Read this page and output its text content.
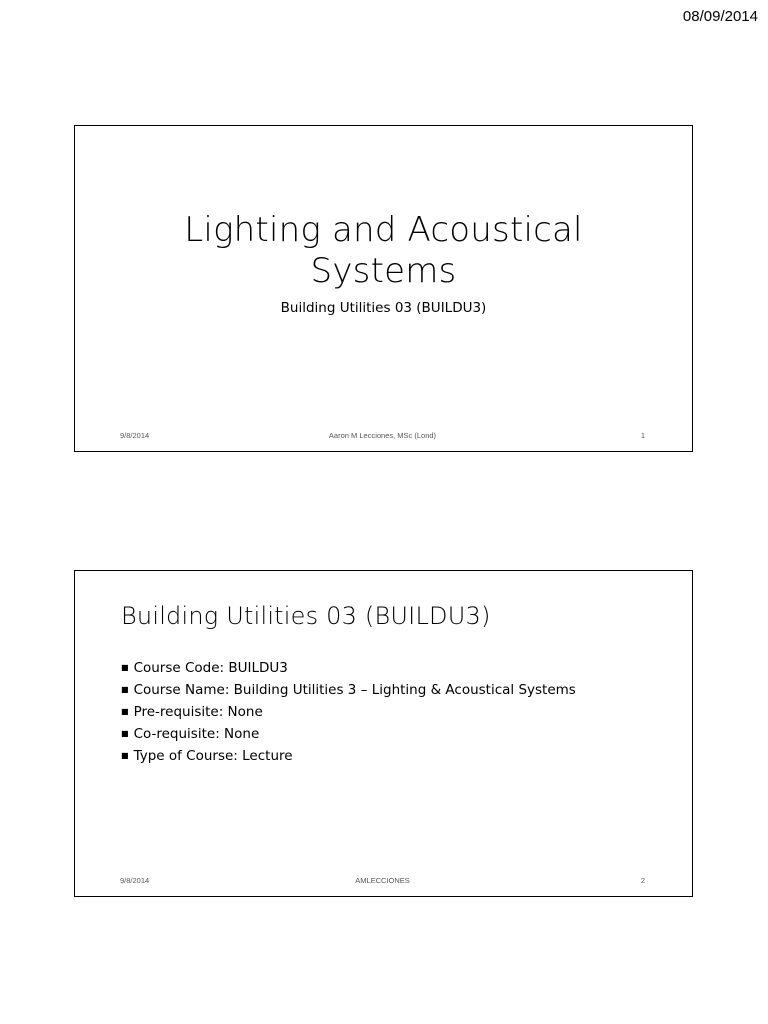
08/09/2014
Lighting and Acoustical
Systems
Building Utilities 03 (BUILDU3)
9/8/2014	Aaron M Lecciones, MSc (Lond)	1
Building Utilities 03 (BUILDU3)
■ Course Code: BUILDU3
■ Course Name: Building Utilities 3 – Lighting & Acoustical Systems
■ Pre-requisite: None
■ Co-requisite: None
■ Type of Course: Lecture
9/8/2014	AMLECCIONES	2
